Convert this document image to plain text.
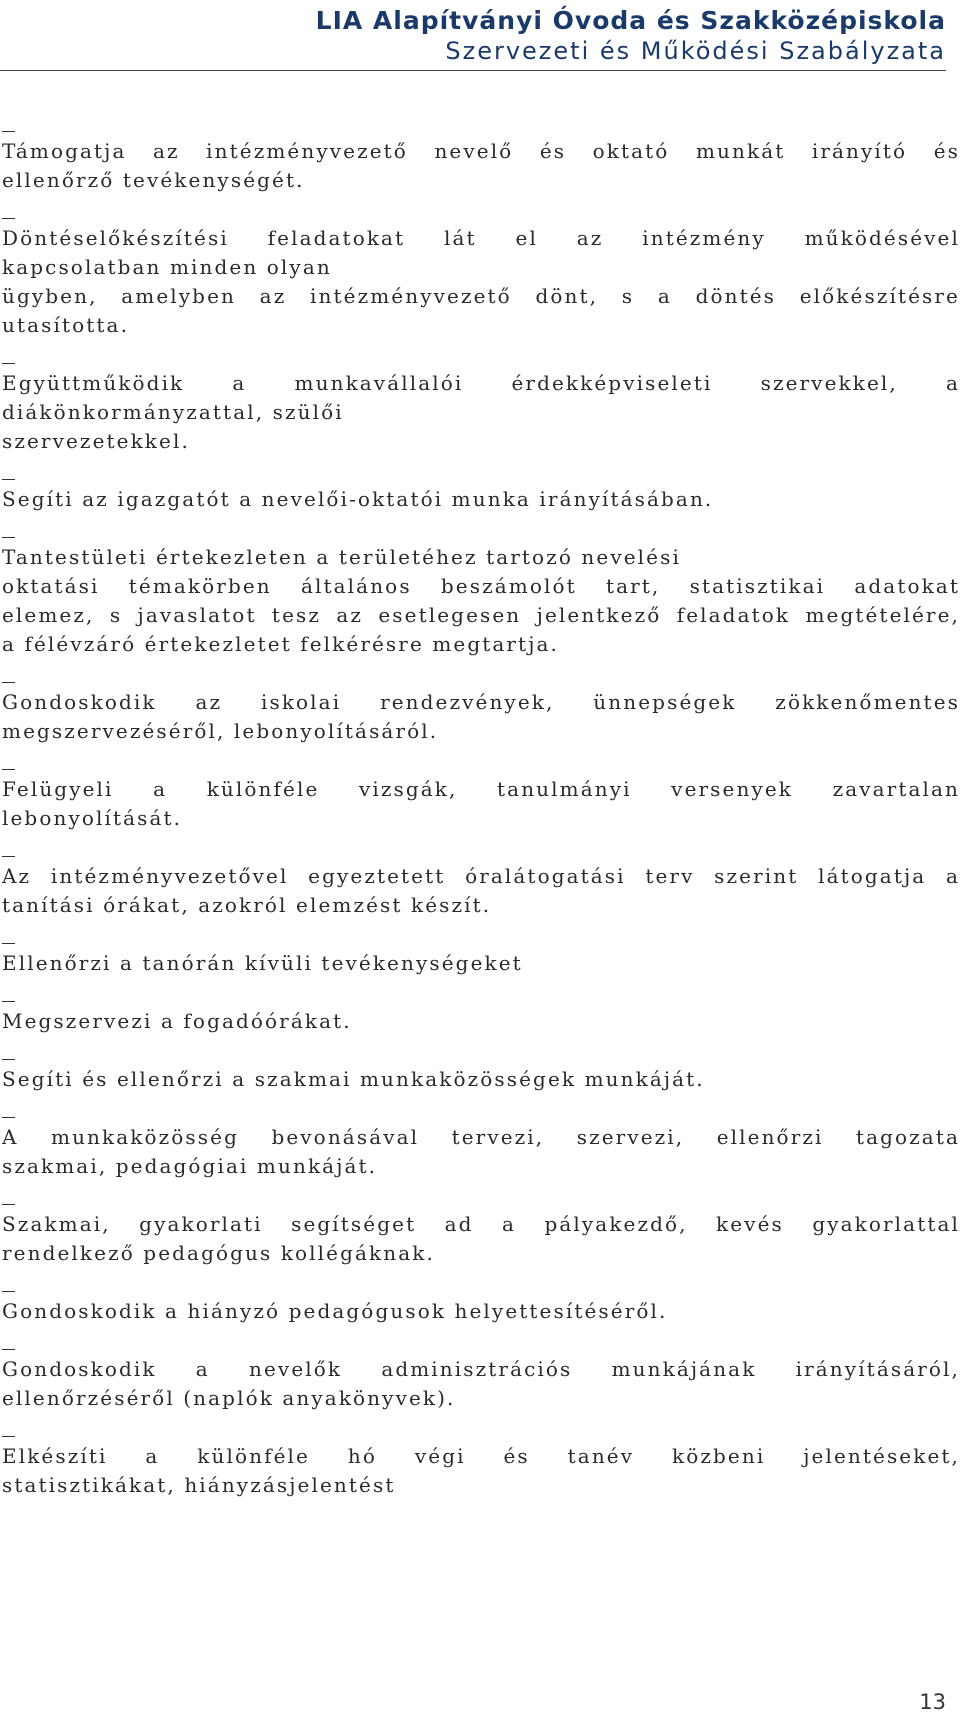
LIA Alapítványi Óvoda és Szakközépiskola
Szervezeti és Működési Szabályzata
Támogatja az intézményvezető nevelő és oktató munkát irányító és
ellenőrző tevékenységét.
Döntéselőkészítési feladatokat lát el az intézmény működésével
kapcsolatban minden olyan
ügyben, amelyben az intézményvezető dönt, s a döntés előkészítésre
utasította.
Együttműködik a munkavállalói érdekképviseleti szervekkel, a
diákönkormányzattal, szülői
szervezetekkel.
Segíti az igazgatót a nevelői-oktatói munka irányításában.
Tantestületi értekezleten a területéhez tartozó nevelési
oktatási témakörben általános beszámolót tart, statisztikai adatokat
elemez, s javaslatot tesz az esetlegesen jelentkező feladatok megtételére,
a félévzáró értekezletet felkérésre megtartja.
Gondoskodik az iskolai rendezvények, ünnepségek zökkenőmentes
megszervezéséről, lebonyolításáról.
Felügyeli a különféle vizsgák, tanulmányi versenyek zavartalan
lebonyolítását.
Az intézményvezetővel egyeztetett óralátogatási terv szerint látogatja a
tanítási órákat, azokról elemzést készít.
Ellenőrzi a tanórán kívüli tevékenységeket
Megszervezi a fogadóórákat.
Segíti és ellenőrzi a szakmai munkaközösségek munkáját.
A munkaközösség bevonásával tervezi, szervezi, ellenőrzi tagozata
szakmai, pedagógiai munkáját.
Szakmai, gyakorlati segítséget ad a pályakezdő, kevés gyakorlattal
rendelkező pedagógus kollégáknak.
Gondoskodik a hiányzó pedagógusok helyettesítéséről.
Gondoskodik a nevelők adminisztrációs munkájának irányításáról,
ellenőrzéséről (naplók anyakönyvek).
Elkészíti a különféle hó végi és tanév közbeni jelentéseket,
statisztikákat, hiányzásjelentést
13
